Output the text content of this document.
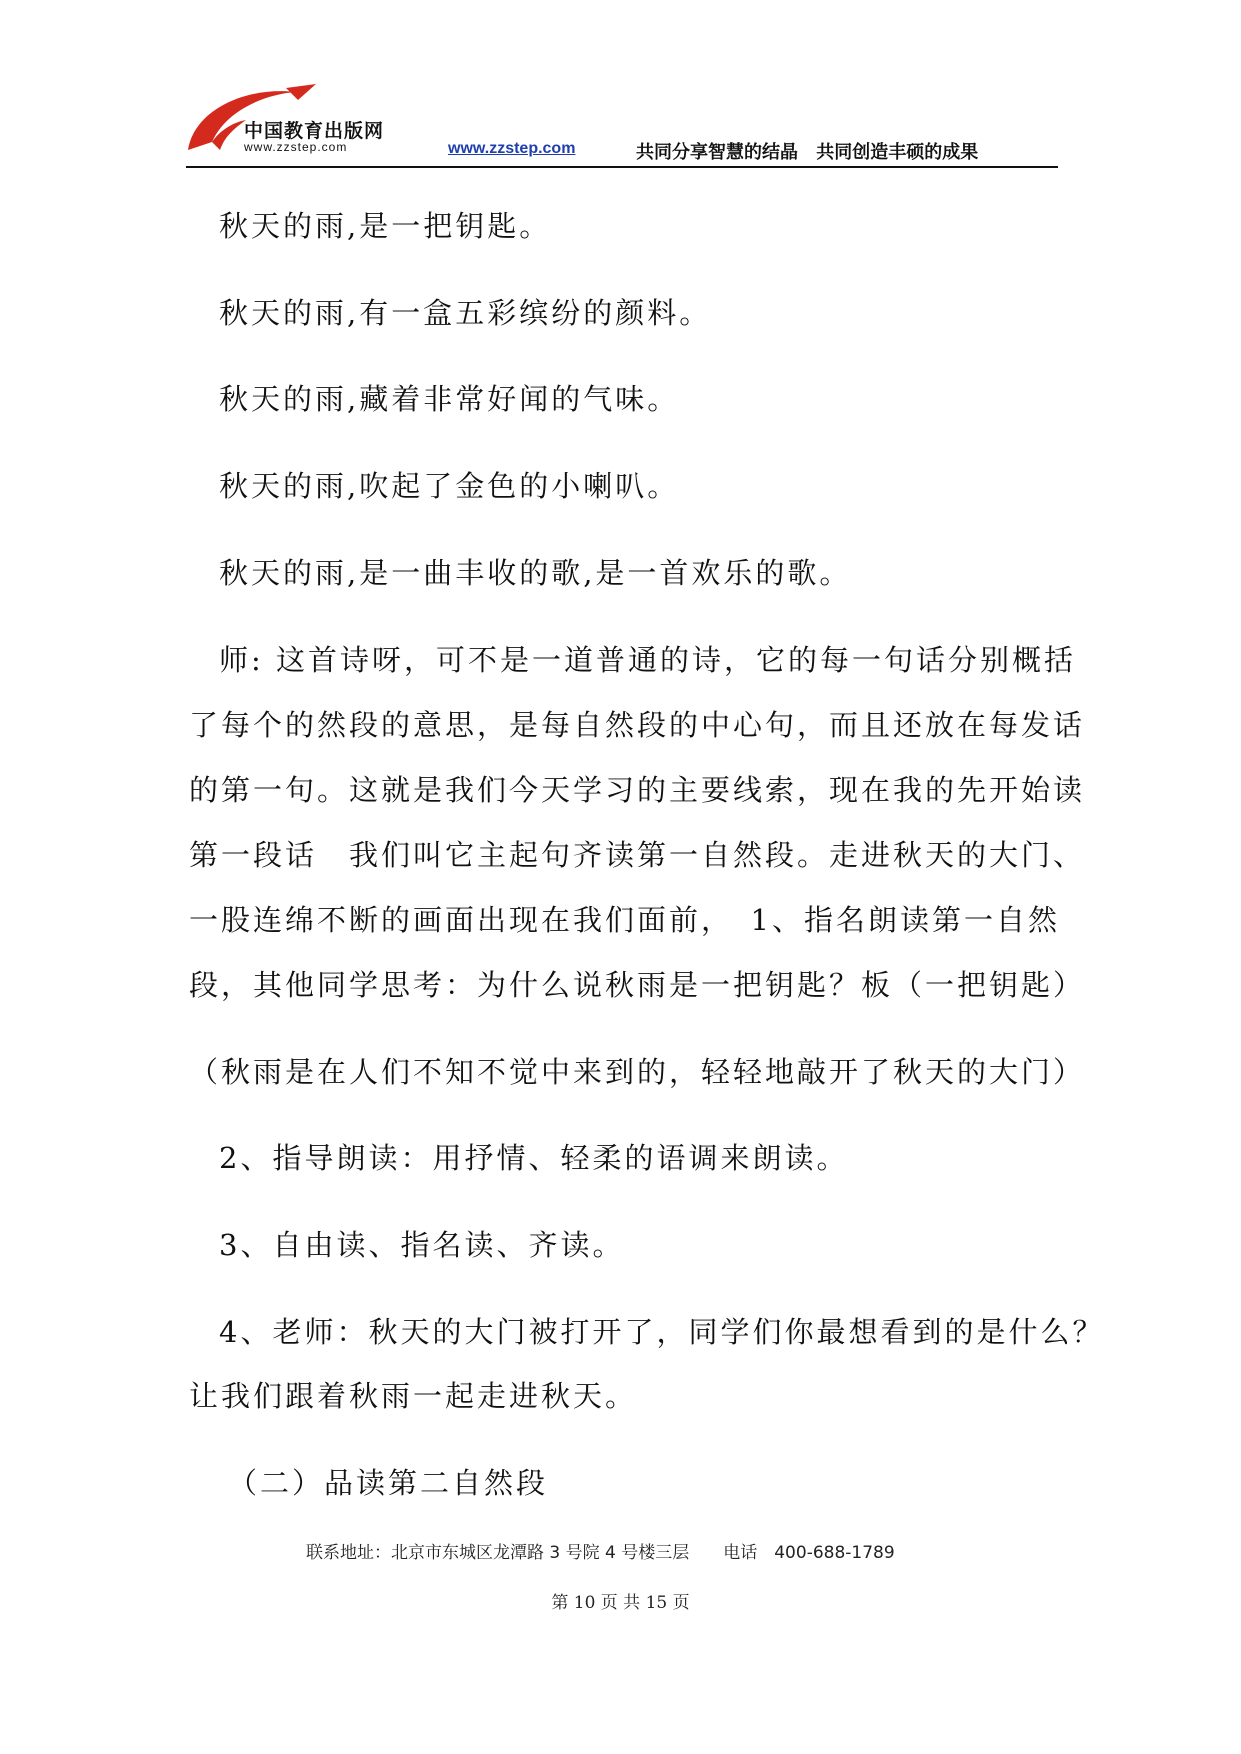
中国教育出版网
www.zzstep.com	www.zzstep.com	共同分享智慧的结晶 共同创造丰硕的成果
秋天的雨,是一把钥匙。
秋天的雨,有一盒五彩缤纷的颜料。
秋天的雨,藏着非常好闻的气味。
秋天的雨,吹起了金色的小喇叭。
秋天的雨,是一曲丰收的歌,是一首欢乐的歌。
师: 这首诗呀，可不是一道普通的诗，它的每一句话分别概括
了每个的然段的意思，是每自然段的中心句，而且还放在每发话
的第一句。这就是我们今天学习的主要线索，现在我的先开始读
第一段话　我们叫它主起句齐读第一自然段。走进秋天的大门、
一股连绵不断的画面出现在我们面前，　1、指名朗读第一自然
段，其他同学思考：为什么说秋雨是一把钥匙？板（一把钥匙）
（秋雨是在人们不知不觉中来到的，轻轻地敲开了秋天的大门）
2、指导朗读：用抒情、轻柔的语调来朗读。
3、自由读、指名读、齐读。
4、老师：秋天的大门被打开了，同学们你最想看到的是什么？
让我们跟着秋雨一起走进秋天。
（二）品读第二自然段
联系地址：北京市东城区龙潭路 3 号院 4 号楼三层　　电话　400-688-1789
第 10 页 共 15 页
